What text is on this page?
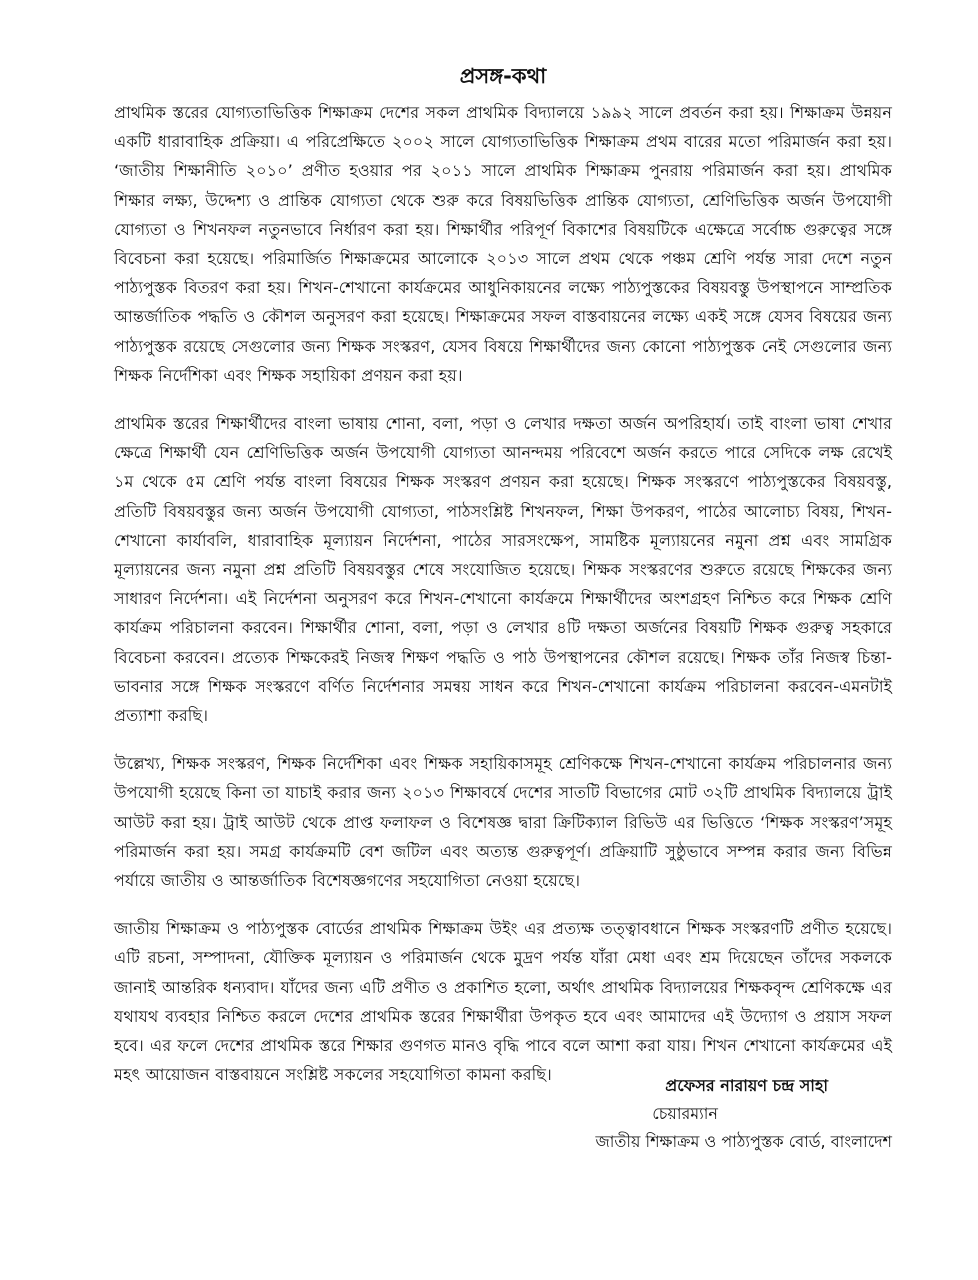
প্রসঙ্গ-কথা

প্রাথমিক স্তরের যোগ্যতাভিত্তিক শিক্ষাক্রম দেশের সকল প্রাথমিক বিদ্যালয়ে ১৯৯২ সালে প্রবর্তন করা হয়। শিক্ষাক্রম উন্নয়ন একটি ধারাবাহিক প্রক্রিয়া। এ পরিপ্রেক্ষিতে ২০০২ সালে যোগ্যতাভিত্তিক শিক্ষাক্রম প্রথম বারের মতো পরিমার্জন করা হয়। ‘জাতীয় শিক্ষানীতি ২০১০’ প্রণীত হওয়ার পর ২০১১ সালে প্রাথমিক শিক্ষাক্রম পুনরায় পরিমার্জন করা হয়। প্রাথমিক শিক্ষার লক্ষ্য, উদ্দেশ্য ও প্রান্তিক যোগ্যতা থেকে শুরু করে বিষয়ভিত্তিক প্রান্তিক যোগ্যতা, শ্রেণিভিত্তিক অর্জন উপযোগী যোগ্যতা ও শিখনফল নতুনভাবে নির্ধারণ করা হয়। শিক্ষার্থীর পরিপূর্ণ বিকাশের বিষয়টিকে এক্ষেত্রে সর্বোচ্চ গুরুত্বের সঙ্গে বিবেচনা করা হয়েছে। পরিমার্জিত শিক্ষাক্রমের আলোকে ২০১৩ সালে প্রথম থেকে পঞ্চম শ্রেণি পর্যন্ত সারা দেশে নতুন পাঠ্যপুস্তক বিতরণ করা হয়। শিখন-শেখানো কার্যক্রমের আধুনিকায়নের লক্ষ্যে পাঠ্যপুস্তকের বিষয়বস্তু উপস্থাপনে সাম্প্রতিক আন্তর্জাতিক পদ্ধতি ও কৌশল অনুসরণ করা হয়েছে। শিক্ষাক্রমের সফল বাস্তবায়নের লক্ষ্যে একই সঙ্গে যেসব বিষয়ের জন্য পাঠ্যপুস্তক রয়েছে সেগুলোর জন্য শিক্ষক সংস্করণ, যেসব বিষয়ে শিক্ষার্থীদের জন্য কোনো পাঠ্যপুস্তক নেই সেগুলোর জন্য শিক্ষক নির্দেশিকা এবং শিক্ষক সহায়িকা প্রণয়ন করা হয়।

প্রাথমিক স্তরের শিক্ষার্থীদের বাংলা ভাষায় শোনা, বলা, পড়া ও লেখার দক্ষতা অর্জন অপরিহার্য। তাই বাংলা ভাষা শেখার ক্ষেত্রে শিক্ষার্থী যেন শ্রেণিভিত্তিক অর্জন উপযোগী যোগ্যতা আনন্দময় পরিবেশে অর্জন করতে পারে সেদিকে লক্ষ রেখেই ১ম থেকে ৫ম শ্রেণি পর্যন্ত বাংলা বিষয়ের শিক্ষক সংস্করণ প্রণয়ন করা হয়েছে। শিক্ষক সংস্করণে পাঠ্যপুস্তকের বিষয়বস্তু, প্রতিটি বিষয়বস্তুর জন্য অর্জন উপযোগী যোগ্যতা, পাঠসংশ্লিষ্ট শিখনফল, শিক্ষা উপকরণ, পাঠের আলোচ্য বিষয়, শিখন-শেখানো কার্যাবলি, ধারাবাহিক মূল্যায়ন নির্দেশনা, পাঠের সারসংক্ষেপ, সামষ্টিক মূল্যায়নের নমুনা প্রশ্ন এবং সামগ্রিক মূল্যায়নের জন্য নমুনা প্রশ্ন প্রতিটি বিষয়বস্তুর শেষে সংযোজিত হয়েছে। শিক্ষক সংস্করণের শুরুতে রয়েছে শিক্ষকের জন্য সাধারণ নির্দেশনা। এই নির্দেশনা অনুসরণ করে শিখন-শেখানো কার্যক্রমে শিক্ষার্থীদের অংশগ্রহণ নিশ্চিত করে শিক্ষক শ্রেণি কার্যক্রম পরিচালনা করবেন। শিক্ষার্থীর শোনা, বলা, পড়া ও লেখার ৪টি দক্ষতা অর্জনের বিষয়টি শিক্ষক গুরুত্ব সহকারে বিবেচনা করবেন। প্রত্যেক শিক্ষকেরই নিজস্ব শিক্ষণ পদ্ধতি ও পাঠ উপস্থাপনের কৌশল রয়েছে। শিক্ষক তাঁর নিজস্ব চিন্তা-ভাবনার সঙ্গে শিক্ষক সংস্করণে বর্ণিত নির্দেশনার সমন্বয় সাধন করে শিখন-শেখানো কার্যক্রম পরিচালনা করবেন-এমনটাই প্রত্যাশা করছি।

উল্লেখ্য, শিক্ষক সংস্করণ, শিক্ষক নির্দেশিকা এবং শিক্ষক সহায়িকাসমূহ শ্রেণিকক্ষে শিখন-শেখানো কার্যক্রম পরিচালনার জন্য উপযোগী হয়েছে কিনা তা যাচাই করার জন্য ২০১৩ শিক্ষাবর্ষে দেশের সাতটি বিভাগের মোট ৩২টি প্রাথমিক বিদ্যালয়ে ট্রাই আউট করা হয়। ট্রাই আউট থেকে প্রাপ্ত ফলাফল ও বিশেষজ্ঞ দ্বারা ক্রিটিক্যাল রিভিউ এর ভিত্তিতে ‘শিক্ষক সংস্করণ’সমূহ পরিমার্জন করা হয়। সমগ্র কার্যক্রমটি বেশ জটিল এবং অত্যন্ত গুরুত্বপূর্ণ। প্রক্রিয়াটি সুষ্ঠুভাবে সম্পন্ন করার জন্য বিভিন্ন পর্যায়ে জাতীয় ও আন্তর্জাতিক বিশেষজ্ঞগণের সহযোগিতা নেওয়া হয়েছে।

জাতীয় শিক্ষাক্রম ও পাঠ্যপুস্তক বোর্ডের প্রাথমিক শিক্ষাক্রম উইং এর প্রত্যক্ষ তত্ত্বাবধানে শিক্ষক সংস্করণটি প্রণীত হয়েছে। এটি রচনা, সম্পাদনা, যৌক্তিক মূল্যায়ন ও পরিমার্জন থেকে মুদ্রণ পর্যন্ত যাঁরা মেধা এবং শ্রম দিয়েছেন তাঁদের সকলকে জানাই আন্তরিক ধন্যবাদ। যাঁদের জন্য এটি প্রণীত ও প্রকাশিত হলো, অর্থাৎ প্রাথমিক বিদ্যালয়ের শিক্ষকবৃন্দ শ্রেণিকক্ষে এর যথাযথ ব্যবহার নিশ্চিত করলে দেশের প্রাথমিক স্তরের শিক্ষার্থীরা উপকৃত হবে এবং আমাদের এই উদ্যোগ ও প্রয়াস সফল হবে। এর ফলে দেশের প্রাথমিক স্তরে শিক্ষার গুণগত মানও বৃদ্ধি পাবে বলে আশা করা যায়। শিখন শেখানো কার্যক্রমের এই মহৎ আয়োজন বাস্তবায়নে সংশ্লিষ্ট সকলের সহযোগিতা কামনা করছি।

প্রফেসর নারায়ণ চন্দ্র সাহা
চেয়ারম্যান
জাতীয় শিক্ষাক্রম ও পাঠ্যপুস্তক বোর্ড, বাংলাদেশ
